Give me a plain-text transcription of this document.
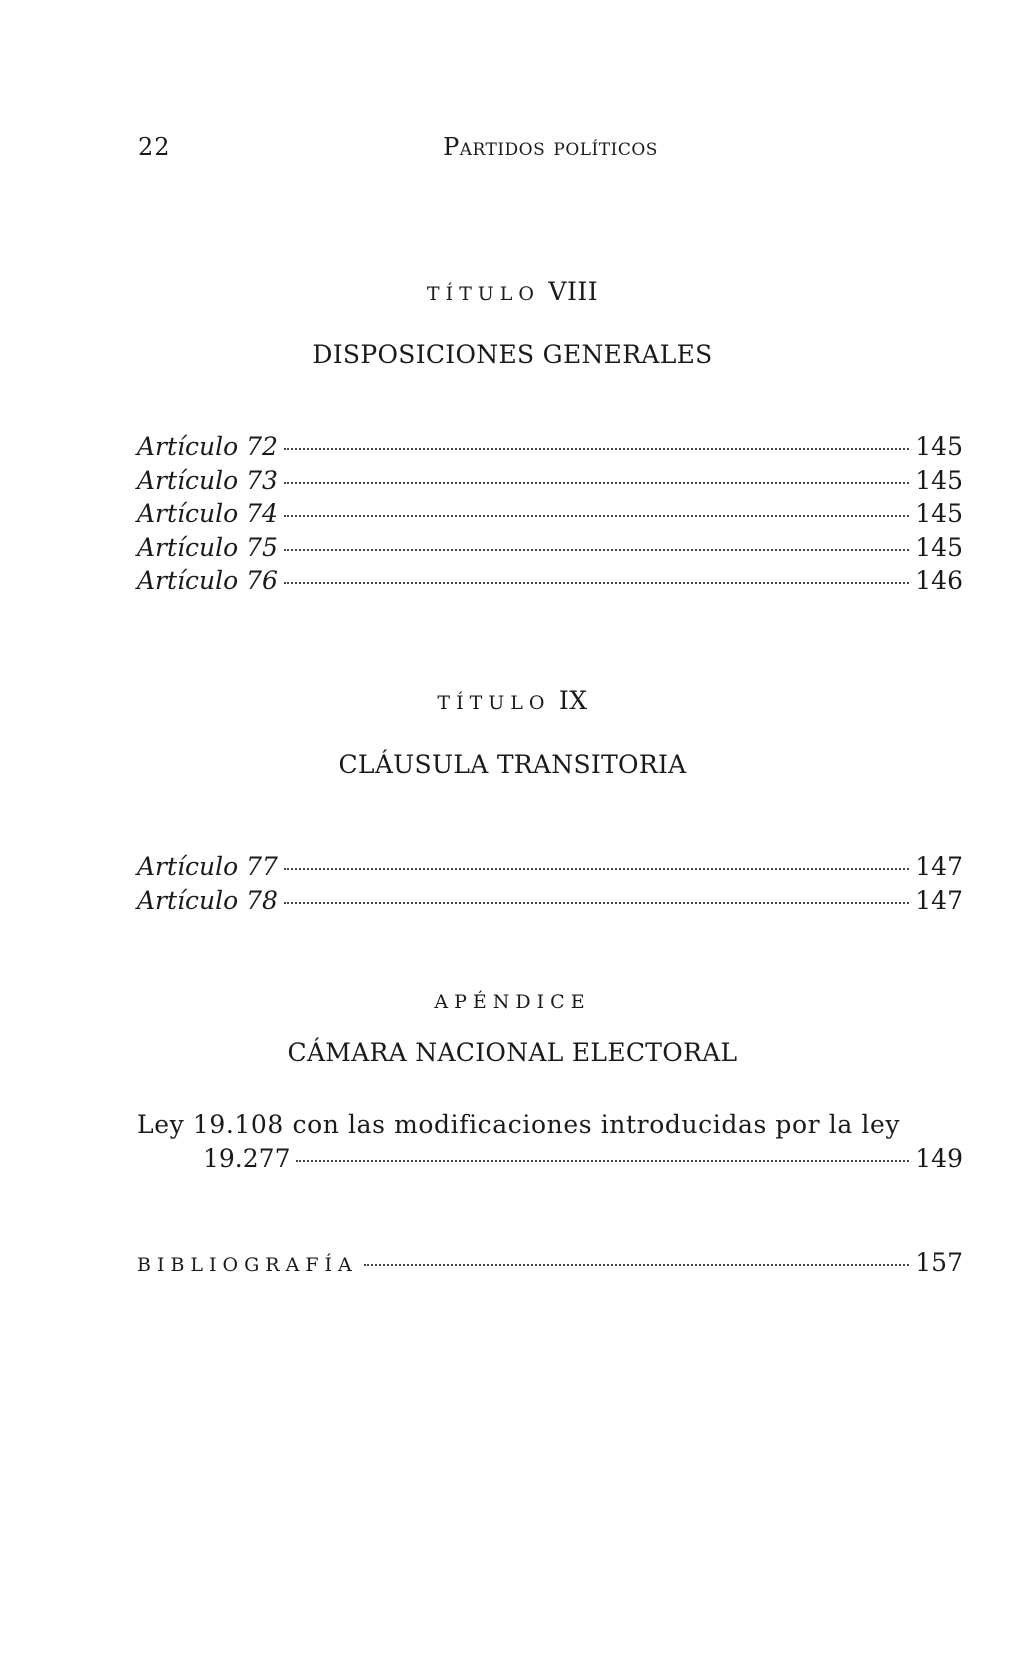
22	Partidos políticos
TÍTULO VIII
DISPOSICIONES GENERALES
Artículo 72	145
Artículo 73	145
Artículo 74	145
Artículo 75	145
Artículo 76	146
TÍTULO IX
CLÁUSULA TRANSITORIA
Artículo 77	147
Artículo 78	147
APÉNDICE
CÁMARA NACIONAL ELECTORAL
Ley 19.108 con las modificaciones introducidas por la ley
19.277	149
BIBLIOGRAFÍA	157
